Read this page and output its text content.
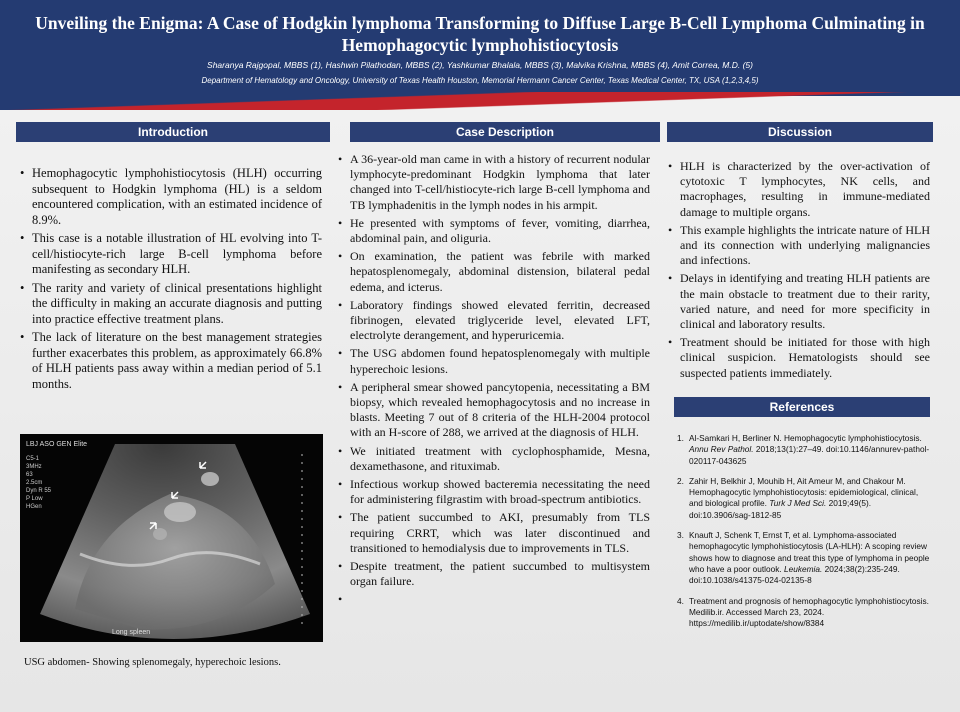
Unveiling the Enigma: A Case of Hodgkin lymphoma Transforming to Diffuse Large B-Cell Lymphoma Culminating in Hemophagocytic lymphohistiocytosis
Sharanya Rajgopal, MBBS (1), Hashwin Pilathodan, MBBS (2), Yashkumar Bhalala, MBBS (3), Malvika Krishna, MBBS (4), Amit Correa, M.D. (5)
Department of Hematology and Oncology, University of Texas Health Houston, Memorial Hermann Cancer Center, Texas Medical Center, TX, USA (1,2,3,4,5)
Introduction
• Hemophagocytic lymphohistiocytosis (HLH) occurring subsequent to Hodgkin lymphoma (HL) is a seldom encountered complication, with an estimated incidence of 8.9%.
• This case is a notable illustration of HL evolving into T-cell/histiocyte-rich large B-cell lymphoma before manifesting as secondary HLH.
• The rarity and variety of clinical presentations highlight the difficulty in making an accurate diagnosis and putting into practice effective treatment plans.
• The lack of literature on the best management strategies further exacerbates this problem, as approximately 66.8% of HLH patients pass away within a median period of 5.1 months.
LBJ ASO GEN Elite
C5-1 3MHz 63 2.5cm Dyn R 55 P Low HGen
Long spleen
USG abdomen- Showing splenomegaly, hyperechoic lesions.
Case Description
• A 36-year-old man came in with a history of recurrent nodular lymphocyte-predominant Hodgkin lymphoma that later changed into T-cell/histiocyte-rich large B-cell lymphoma and TB lymphadenitis in the lymph nodes in his armpit.
• He presented with symptoms of fever, vomiting, diarrhea, abdominal pain, and oliguria.
• On examination, the patient was febrile with marked hepatosplenomegaly, abdominal distension, bilateral pedal edema, and icterus.
• Laboratory findings showed elevated ferritin, decreased fibrinogen, elevated triglyceride level, elevated LFT, electrolyte derangement, and hyperuricemia.
• The USG abdomen found hepatosplenomegaly with multiple hyperechoic lesions.
• A peripheral smear showed pancytopenia, necessitating a BM biopsy, which revealed hemophagocytosis and no increase in blasts. Meeting 7 out of 8 criteria of the HLH-2004 protocol with an H-score of 288, we arrived at the diagnosis of HLH.
• We initiated treatment with cyclophosphamide, Mesna, dexamethasone, and rituximab.
• Infectious workup showed bacteremia necessitating the need for administering filgrastim with broad-spectrum antibiotics.
• The patient succumbed to AKI, presumably from TLS requiring CRRT, which was later discontinued and transitioned to hemodialysis due to improvements in TLS.
• Despite treatment, the patient succumbed to multisystem organ failure.
Discussion
• HLH is characterized by the over-activation of cytotoxic T lymphocytes, NK cells, and macrophages, resulting in immune-mediated damage to multiple organs.
• This example highlights the intricate nature of HLH and its connection with underlying malignancies and infections.
• Delays in identifying and treating HLH patients are the main obstacle to treatment due to their rarity, varied nature, and need for more specificity in clinical and laboratory results.
• Treatment should be initiated for those with high clinical suspicion. Hematologists should see suspected patients immediately.
References
1. Al-Samkari H, Berliner N. Hemophagocytic lymphohistiocytosis. Annu Rev Pathol. 2018;13(1):27–49. doi:10.1146/annurev-pathol-020117-043625
2. Zahir H, Belkhir J, Mouhib H, Ait Ameur M, and Chakour M. Hemophagocytic lymphohistiocytosis: epidemiological, clinical, and biological profile. Turk J Med Sci. 2019;49(5). doi:10.3906/sag-1812-85
3. Knauft J, Schenk T, Ernst T, et al. Lymphoma-associated hemophagocytic lymphohistiocytosis (LA-HLH): A scoping review shows how to diagnose and treat this type of lymphoma in people who have a poor outlook. Leukemia. 2024;38(2):235-249. doi:10.1038/s41375-024-02135-8
4. Treatment and prognosis of hemophagocytic lymphohistiocytosis. Medilib.ir. Accessed March 23, 2024. https://medilib.ir/uptodate/show/8384
